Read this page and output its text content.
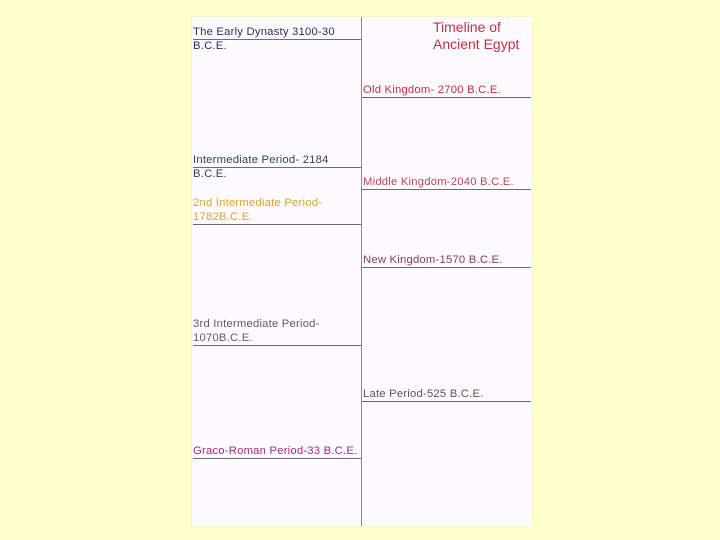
Timeline of
Ancient Egypt
The Early Dynasty 3100-30
B.C.E.
Intermediate Period- 2184
B.C.E.
2nd Intermediate Period-
1782B.C.E.
3rd Intermediate Period-
1070B.C.E.
Graco-Roman Period-33 B.C.E.
Old Kingdom- 2700 B.C.E.
Middle Kingdom-2040 B.C.E.
New Kingdom-1570 B.C.E.
Late Period-525 B.C.E.
